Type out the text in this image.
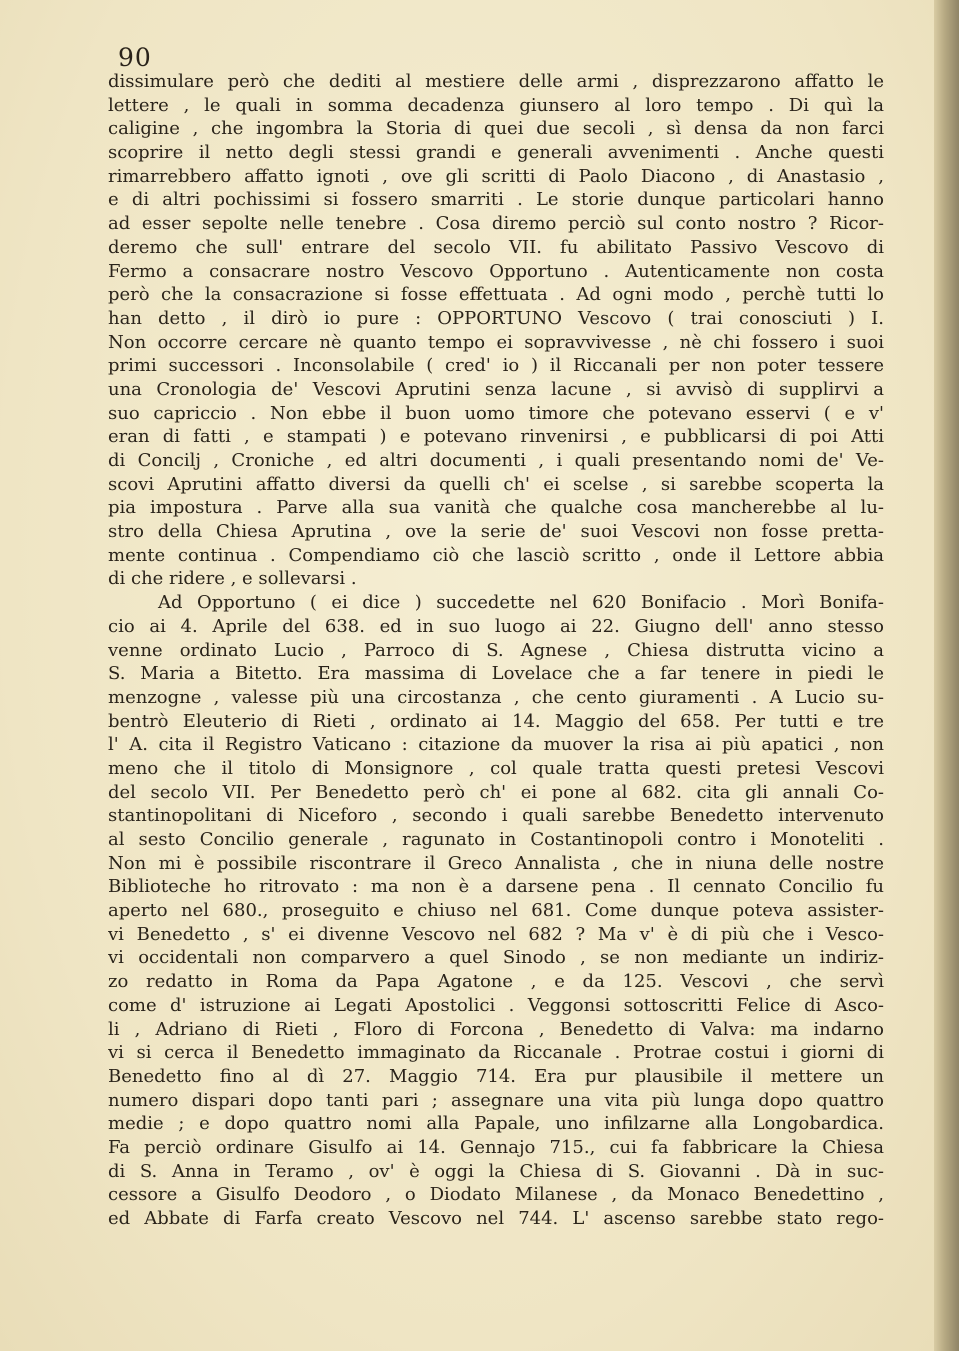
90
dissimulare però che dediti al mestiere delle armi , disprezzarono affatto le
lettere , le quali in somma decadenza giunsero al loro tempo . Di quì la
caligine , che ingombra la Storia di quei due secoli , sì densa da non farci
scoprire il netto degli stessi grandi e generali avvenimenti . Anche questi
rimarrebbero affatto ignoti , ove gli scritti di Paolo Diacono , di Anastasio ,
e di altri pochissimi si fossero smarriti . Le storie dunque particolari hanno
ad esser sepolte nelle tenebre . Cosa diremo perciò sul conto nostro ? Ricor-
deremo che sull' entrare del secolo VII. fu abilitato Passivo Vescovo di
Fermo a consacrare nostro Vescovo Opportuno . Autenticamente non costa
però che la consacrazione si fosse effettuata . Ad ogni modo , perchè tutti lo
han detto , il dirò io pure : OPPORTUNO Vescovo ( trai conosciuti ) I.
Non occorre cercare nè quanto tempo ei sopravvivesse , nè chi fossero i suoi
primi successori . Inconsolabile ( cred' io ) il Riccanali per non poter tessere
una Cronologia de' Vescovi Aprutini senza lacune , si avvisò di supplirvi a
suo capriccio . Non ebbe il buon uomo timore che potevano esservi ( e v'
eran di fatti , e stampati ) e potevano rinvenirsi , e pubblicarsi di poi Atti
di Concilj , Croniche , ed altri documenti , i quali presentando nomi de' Ve-
scovi Aprutini affatto diversi da quelli ch' ei scelse , si sarebbe scoperta la
pia impostura . Parve alla sua vanità che qualche cosa mancherebbe al lu-
stro della Chiesa Aprutina , ove la serie de' suoi Vescovi non fosse pretta-
mente continua . Compendiamo ciò che lasciò scritto , onde il Lettore abbia
di che ridere , e sollevarsi .
Ad Opportuno ( ei dice ) succedette nel 620 Bonifacio . Morì Bonifa-
cio ai 4. Aprile del 638. ed in suo luogo ai 22. Giugno dell' anno stesso
venne ordinato Lucio , Parroco di S. Agnese , Chiesa distrutta vicino a
S. Maria a Bitetto. Era massima di Lovelace che a far tenere in piedi le
menzogne , valesse più una circostanza , che cento giuramenti . A Lucio su-
bentrò Eleuterio di Rieti , ordinato ai 14. Maggio del 658. Per tutti e tre
l' A. cita il Registro Vaticano : citazione da muover la risa ai più apatici , non
meno che il titolo di Monsignore , col quale tratta questi pretesi Vescovi
del secolo VII. Per Benedetto però ch' ei pone al 682. cita gli annali Co-
stantinopolitani di Niceforo , secondo i quali sarebbe Benedetto intervenuto
al sesto Concilio generale , ragunato in Costantinopoli contro i Monoteliti .
Non mi è possibile riscontrare il Greco Annalista , che in niuna delle nostre
Biblioteche ho ritrovato : ma non è a darsene pena . Il cennato Concilio fu
aperto nel 680., proseguito e chiuso nel 681. Come dunque poteva assister-
vi Benedetto , s' ei divenne Vescovo nel 682 ? Ma v' è di più che i Vesco-
vi occidentali non comparvero a quel Sinodo , se non mediante un indiriz-
zo redatto in Roma da Papa Agatone , e da 125. Vescovi , che servì
come d' istruzione ai Legati Apostolici . Veggonsi sottoscritti Felice di Asco-
li , Adriano di Rieti , Floro di Forcona , Benedetto di Valva: ma indarno
vi si cerca il Benedetto immaginato da Riccanale . Protrae costui i giorni di
Benedetto fino al dì 27. Maggio 714. Era pur plausibile il mettere un
numero dispari dopo tanti pari ; assegnare una vita più lunga dopo quattro
medie ; e dopo quattro nomi alla Papale, uno infilzarne alla Longobardica.
Fa perciò ordinare Gisulfo ai 14. Gennajo 715., cui fa fabbricare la Chiesa
di S. Anna in Teramo , ov' è oggi la Chiesa di S. Giovanni . Dà in suc-
cessore a Gisulfo Deodoro , o Diodato Milanese , da Monaco Benedettino ,
ed Abbate di Farfa creato Vescovo nel 744. L' ascenso sarebbe stato rego-
